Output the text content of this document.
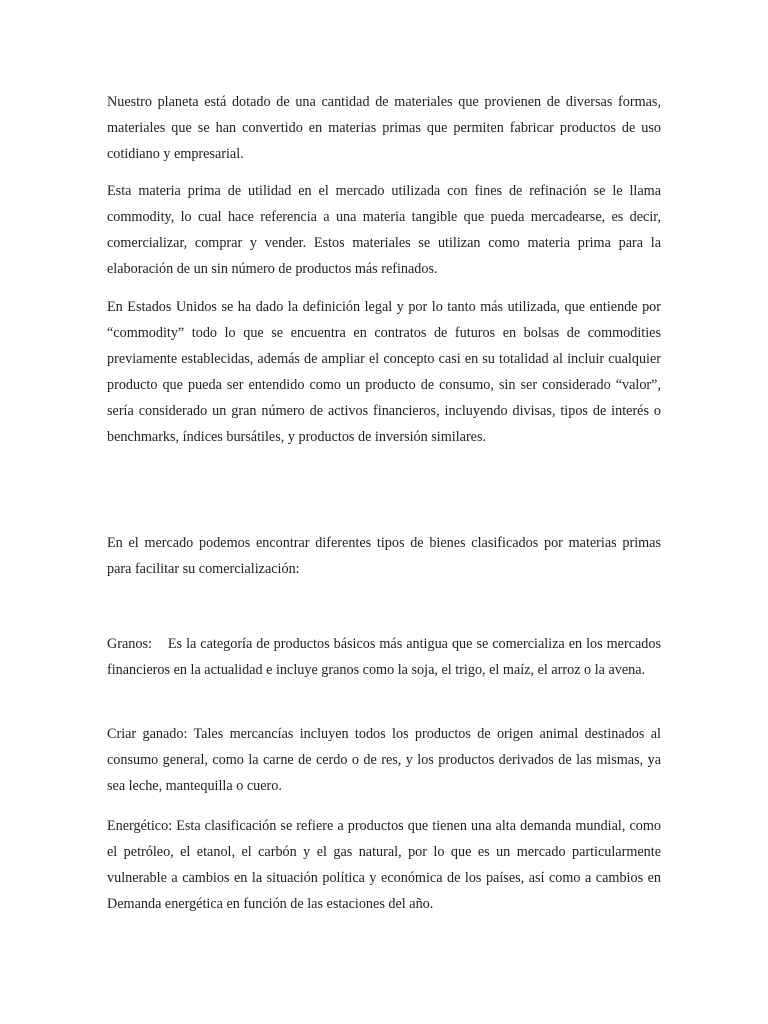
Nuestro planeta está dotado de una cantidad de materiales que provienen de diversas formas, materiales que se han convertido en materias primas que permiten fabricar productos de uso cotidiano y empresarial.

Esta materia prima de utilidad en el mercado utilizada con fines de refinación se le llama commodity, lo cual hace referencia a una materia tangible que pueda mercadearse, es decir, comercializar, comprar y vender. Estos materiales se utilizan como materia prima para la elaboración de un sin número de productos más refinados.

En Estados Unidos se ha dado la definición legal y por lo tanto más utilizada, que entiende por “commodity” todo lo que se encuentra en contratos de futuros en bolsas de commodities previamente establecidas, además de ampliar el concepto casi en su totalidad al incluir cualquier producto que pueda ser entendido como un producto de consumo, sin ser considerado “valor”, sería considerado un gran número de activos financieros, incluyendo divisas, tipos de interés o benchmarks, índices bursátiles, y productos de inversión similares.

En el mercado podemos encontrar diferentes tipos de bienes clasificados por materias primas para facilitar su comercialización:

Granos:    Es la categoría de productos básicos más antigua que se comercializa en los mercados financieros en la actualidad e incluye granos como la soja, el trigo, el maíz, el arroz o la avena.

Criar ganado: Tales mercancías incluyen todos los productos de origen animal destinados al consumo general, como la carne de cerdo o de res, y los productos derivados de las mismas, ya sea leche, mantequilla o cuero.

Energético: Esta clasificación se refiere a productos que tienen una alta demanda mundial, como el petróleo, el etanol, el carbón y el gas natural, por lo que es un mercado particularmente vulnerable a cambios en la situación política y económica de los países, así como a cambios en Demanda energética en función de las estaciones del año.
